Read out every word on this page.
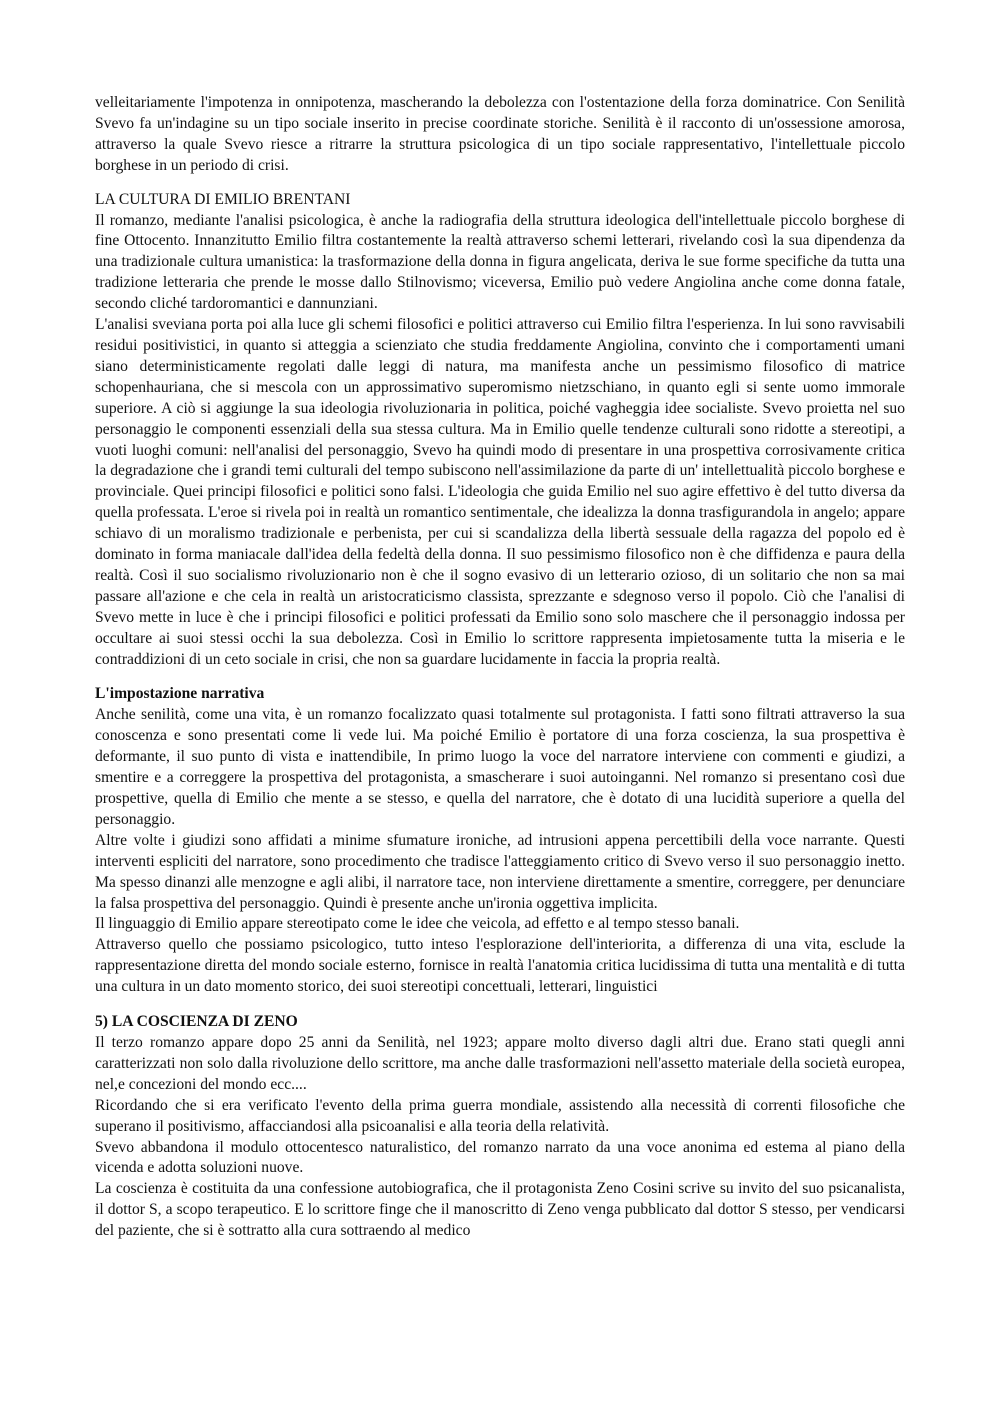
velleitariamente l'impotenza in onnipotenza, mascherando la debolezza con l'ostentazione della forza dominatrice. Con Senilità Svevo fa un'indagine su un tipo sociale inserito in precise coordinate storiche. Senilità è il racconto di un'ossessione amorosa, attraverso la quale Svevo riesce a ritrarre la struttura psicologica di un tipo sociale rappresentativo, l'intellettuale piccolo borghese in un periodo di crisi.

LA CULTURA DI EMILIO BRENTANI

Il romanzo, mediante l'analisi psicologica, è anche la radiografia della struttura ideologica dell'intellettuale piccolo borghese di fine Ottocento. Innanzitutto Emilio filtra costantemente la realtà attraverso schemi letterari, rivelando così la sua dipendenza da una tradizionale cultura umanistica: la trasformazione della donna in figura angelicata, deriva le sue forme specifiche da tutta una tradizione letteraria che prende le mosse dallo Stilnovismo; viceversa, Emilio può vedere Angiolina anche come donna fatale, secondo cliché tardoromantici e dannunziani.

L'analisi sveviana porta poi alla luce gli schemi filosofici e politici attraverso cui Emilio filtra l'esperienza. In lui sono ravvisabili residui positivistici, in quanto si atteggia a scienziato che studia freddamente Angiolina, convinto che i comportamenti umani siano deterministicamente regolati dalle leggi di natura, ma manifesta anche un pessimismo filosofico di matrice schopenhauriana, che si mescola con un approssimativo superomismo nietzschiano, in quanto egli si sente uomo immorale superiore. A ciò si aggiunge la sua ideologia rivoluzionaria in politica, poiché vagheggia idee socialiste. Svevo proietta nel suo personaggio le componenti essenziali della sua stessa cultura. Ma in Emilio quelle tendenze culturali sono ridotte a stereotipi, a vuoti luoghi comuni: nell'analisi del personaggio, Svevo ha quindi modo di presentare in una prospettiva corrosivamente critica la degradazione che i grandi temi culturali del tempo subiscono nell'assimilazione da parte di un' intellettualità piccolo borghese e provinciale. Quei principi filosofici e politici sono falsi. L'ideologia che guida Emilio nel suo agire effettivo è del tutto diversa da quella professata. L'eroe si rivela poi in realtà un romantico sentimentale, che idealizza la donna trasfigurandola in angelo; appare schiavo di un moralismo tradizionale e perbenista, per cui si scandalizza della libertà sessuale della ragazza del popolo ed è dominato in forma maniacale dall'idea della fedeltà della donna. Il suo pessimismo filosofico non è che diffidenza e paura della realtà. Così il suo socialismo rivoluzionario non è che il sogno evasivo di un letterario ozioso, di un solitario che non sa mai passare all'azione e che cela in realtà un aristocraticismo classista, sprezzante e sdegnoso verso il popolo. Ciò che l'analisi di Svevo mette in luce è che i principi filosofici e politici professati da Emilio sono solo maschere che il personaggio indossa per occultare ai suoi stessi occhi la sua debolezza. Così in Emilio lo scrittore rappresenta impietosamente tutta la miseria e le contraddizioni di un ceto sociale in crisi, che non sa guardare lucidamente in faccia la propria realtà.

L'impostazione narrativa

Anche senilità, come una vita, è un romanzo focalizzato quasi totalmente sul protagonista. I fatti sono filtrati attraverso la sua conoscenza e sono presentati come li vede lui. Ma poiché Emilio è portatore di una forza coscienza, la sua prospettiva è deformante, il suo punto di vista e inattendibile, In primo luogo la voce del narratore interviene con commenti e giudizi, a smentire e a correggere la prospettiva del protagonista, a smascherare i suoi autoinganni. Nel romanzo si presentano così due prospettive, quella di Emilio che mente a se stesso, e quella del narratore, che è dotato di una lucidità superiore a quella del personaggio.

Altre volte i giudizi sono affidati a minime sfumature ironiche, ad intrusioni appena percettibili della voce narrante. Questi interventi espliciti del narratore, sono procedimento che tradisce l'atteggiamento critico di Svevo verso il suo personaggio inetto. Ma spesso dinanzi alle menzogne e agli alibi, il narratore tace, non interviene direttamente a smentire, correggere, per denunciare la falsa prospettiva del personaggio. Quindi è presente anche un'ironia oggettiva implicita.

Il linguaggio di Emilio appare stereotipato come le idee che veicola, ad effetto e al tempo stesso banali.

Attraverso quello che possiamo psicologico, tutto inteso l'esplorazione dell'interiorita, a differenza di una vita, esclude la rappresentazione diretta del mondo sociale esterno, fornisce in realtà l'anatomia critica lucidissima di tutta una mentalità e di tutta una cultura in un dato momento storico, dei suoi stereotipi concettuali, letterari, linguistici

5) LA COSCIENZA DI ZENO

Il terzo romanzo appare dopo 25 anni da Senilità, nel 1923; appare molto diverso dagli altri due. Erano stati quegli anni caratterizzati non solo dalla rivoluzione dello scrittore, ma anche dalle trasformazioni nell'assetto materiale della società europea, nel,e concezioni del mondo ecc....

Ricordando che si era verificato l'evento della prima guerra mondiale, assistendo alla necessità di correnti filosofiche che superano il positivismo, affacciandosi alla psicoanalisi e alla teoria della relatività.

Svevo abbandona il modulo ottocentesco naturalistico, del romanzo narrato da una voce anonima ed estema al piano della vicenda e adotta soluzioni nuove.

La coscienza è costituita da una confessione autobiografica, che il protagonista Zeno Cosini scrive su invito del suo psicanalista, il dottor S, a scopo terapeutico. E lo scrittore finge che il manoscritto di Zeno venga pubblicato dal dottor S stesso, per vendicarsi del paziente, che si è sottratto alla cura sottraendo al medico
